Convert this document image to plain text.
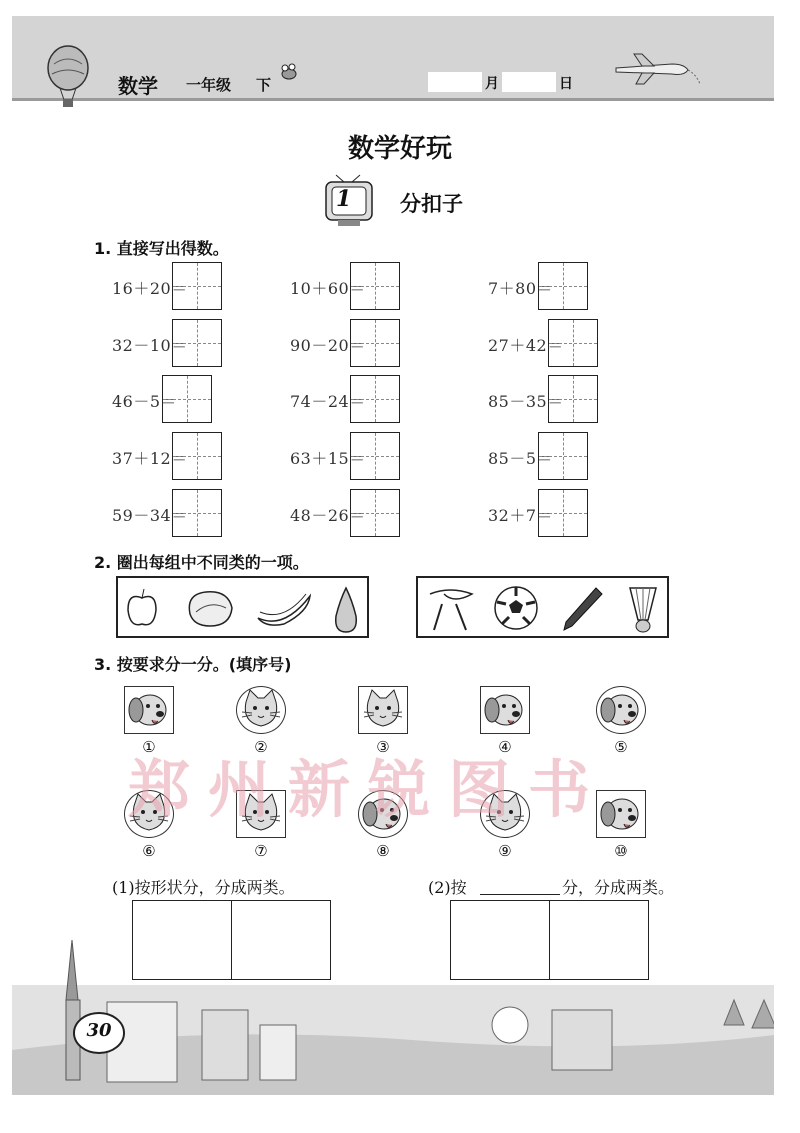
数学 一年级 下	月	日
数学好玩
1 分扣子
1. 直接写出得数。
16＋20＝	10＋60＝	7＋80＝
32－10＝	90－20＝	27＋42＝
46－5＝	74－24＝	85－35＝
37＋12＝	63＋15＝	85－5＝
59－34＝	48－26＝	32＋7＝
2. 圈出每组中不同类的一项。
3. 按要求分一分。(填序号)
①	②	③	④	⑤
⑥	⑦	⑧	⑨	⑩
郑州新锐图书
(1)按形状分，分成两类。	(2)按	分，分成两类。
30
